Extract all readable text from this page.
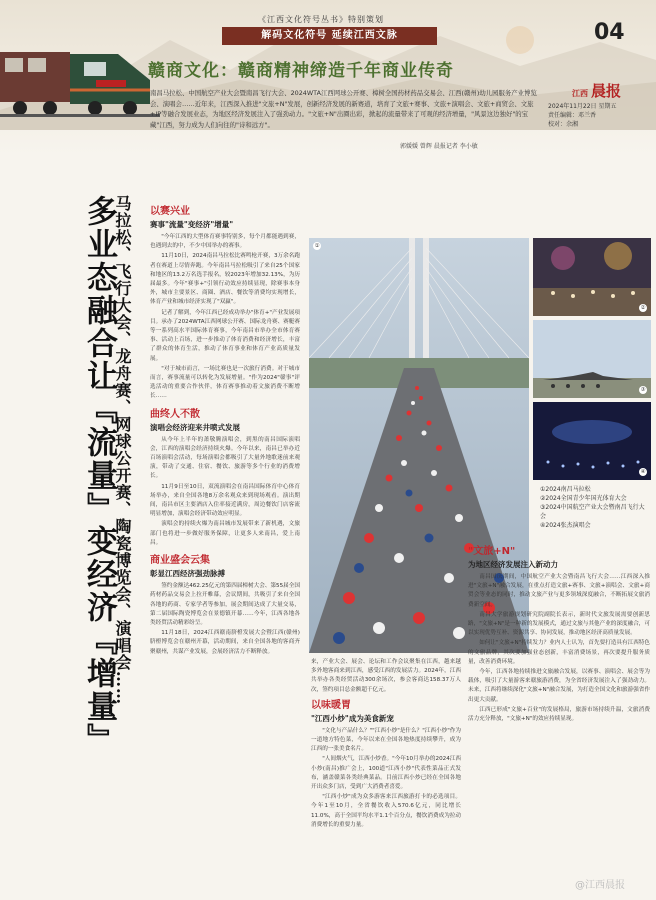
《江西文化符号丛书》特别策划
解码文化符号 延续江西文脉	04
赣商文化：赣商精神缔造千年商业传奇
江西 晨报
2024年11月22日 星期五
责任编辑：邓兰香
校对：余湘
南昌马拉松、中国航空产业大会暨南昌飞行大会、2024WTA江西网球公开赛、樟树全国药材药品交易会、江西(赣州)幼儿园服务产业博览会、演唱会……近年来，江西深入推进"文旅+N"发展，创新经济发展的新赛道，培育了文旅+赛事、文旅+演唱会、文旅+商贸会、文旅+IP等融合发展业态，为地区经济发展注入了强劲动力。"文旅+N"出圈出彩，掀起的流量带来了可观的经济增量，"风景这边独好"的宝藏"江西，努力成为人们向往的"诗和远方"。
郭媛媛 曾辉 晨报记者 李小敏
马拉松、飞行大会、龙舟赛、网球公开赛、陶瓷博览会、演唱会……
多业态融合让『流量』变经济『增量』	以赛兴业
赛事"流量"变经济"增量"

"今年江西的大型体育赛事特别多，每个月都能遇到赛，也遇到去的中，不少中国举办的赛事。

11月10日，2024南昌马拉松比赛鸣枪开赛，3万余名跑者在赛道上尽情奔跑。今年南昌马拉松吸引了来自25个国家和地区的13.2万名选手报名，较2023年增加32.13%，为历届最多。今年"赛事+"引领行动效应持续显现，除赛事本身外，城市主要景区、商圈、酒店、餐饮等消费均实现增长，体育产业和城市经济实现了"双赢"。

记者了解到，今年江西已经成功举办"体育+"产业发展项目。承办了2024WTA江西网球公开赛、国际龙舟赛、赛艇赛等一系列高水平国际体育赛事，今年南昌市举办全市体育赛事、活动上百场，进一步推动了体育消费和经济增长，丰富了群众的体育生活，推动了体育事业和体育产业高质量发展。

"对于城市而言，一场比赛也是一次旅行消费。对于城市而言，赛事流量可以转化为发展增量。"作为2024"赣事"评选活动的重要合作伙伴，体育赛事推动着文旅消费不断增长……

曲终人不散
演唱会经济迎来井喷式发展

从今年上半年的萧敬腾演唱会，到黑的南昌国际演唱会，江西的演唱会经济持续火爆。今年以来，南昌已举办近百场演唱会活动，每场演唱会都吸引了大量外地歌迷前来观演，带动了交通、住宿、餐饮、旅游等多个行业的消费增长。

11月9日至10日，双流演唱会在南昌国际体育中心体育场举办，来自全国各地8万余名观众来到现场观看。演出期间，南昌市区主要酒店入住率接近满房，周边餐饮门店客流明显增加，演唱会经济带动效应明显。

演唱会的持续火爆为南昌城市发展带来了新机遇，文旅部门也将进一步做好服务保障，让更多人来南昌，爱上南昌。

商业盛会云集
彰显江西经济强劲脉搏

签约金额达462.25亿元的第四届樟树大会、第55届全国药材药品交易会上拉开帷幕，会议期间，共吸引了来自全国各地的药商、专家学者等参加，展会期间达成了大量交易，第二届国际陶瓷博览会在景德镇开幕……今年，江西各地各类经贸活动精彩纷呈。

11月18日，2024江西赣南脐橙发展大会暨江西(赣州)脐橙博览会在赣州开幕，活动期间，来自全国各地的客商齐聚赣州，共谋产业发展，会展经济活力不断释放。

①
②
③
④
①2024南昌马拉松
②2024全国青少年国光体育大会
③2024中国航空产业大会暨南昌飞行大会
④2024张杰演唱会

来，产业大会、展会、论坛和工作会议聚集在江西，越来越多外地客商来到江西，感受江西的发展活力。2024年，江西共举办各类经贸活动300余场次，参会客商达158.37万人次，签约项目总金额超千亿元。

以味暖胃
"江西小炒"成为美食新宠

"文化与产品什么？""江西小炒"是什么？"江西小炒"作为一道地方特色菜，今年以来在全国各地热度持续攀升，成为江西的一张美食名片。

"人间烟火气，江西小炒香。"今年10月举办的2024江西小炒(南昌)推广会上，100道"江西小炒"代表性菜品正式发布，涵盖赣菜各类经典菜品。目前江西小炒已经在全国各地开出众多门店，受到广大消费者喜爱。

"江西小炒"成为众多游客来江西旅游打卡的必选项目。今年1至10月，全省餐饮收入570.6亿元，同比增长11.0%，高于全国平均水平1.1个百分点，餐饮消费成为拉动消费增长的重要力量。

"文旅+N"
为地区经济发展注入新动力

南昌国庆期间，中国航空产业大会暨南昌飞行大会……江西深入推进"文旅+N"融合发展，在重点打造文旅+赛事、文旅+演唱会、文旅+商贸会等业态的同时，推动文旅产业与更多领域深度融合，不断拓展文旅消费新空间。

南昌大学旅游规划研究院副院长表示，新时代文旅发展需要创新思路，"文旅+N"是一种新的发展模式，通过文旅与其他产业的深度融合，可以实现优势互补、资源共享、协同发展，推动地区经济高质量发展。

如何让"文旅+N"持续发力？业内人士认为，首先要打造具有江西特色的文旅品牌，其次要加强业态创新，丰富消费场景，再次要提升服务质量，改善消费环境。

今年，江西各地持续推进文旅融合发展，以赛事、演唱会、展会等为载体，吸引了大量游客来赣旅游消费，为全省经济发展注入了强劲动力。未来，江西将继续深化"文旅+N"融合发展，为打造全国文化和旅游强省作出更大贡献。

江西已形成"文旅+百业"的发展格局，旅游市场持续升温，文旅消费活力充分释放，"文旅+N"的效应持续显现。

@江西晨报
